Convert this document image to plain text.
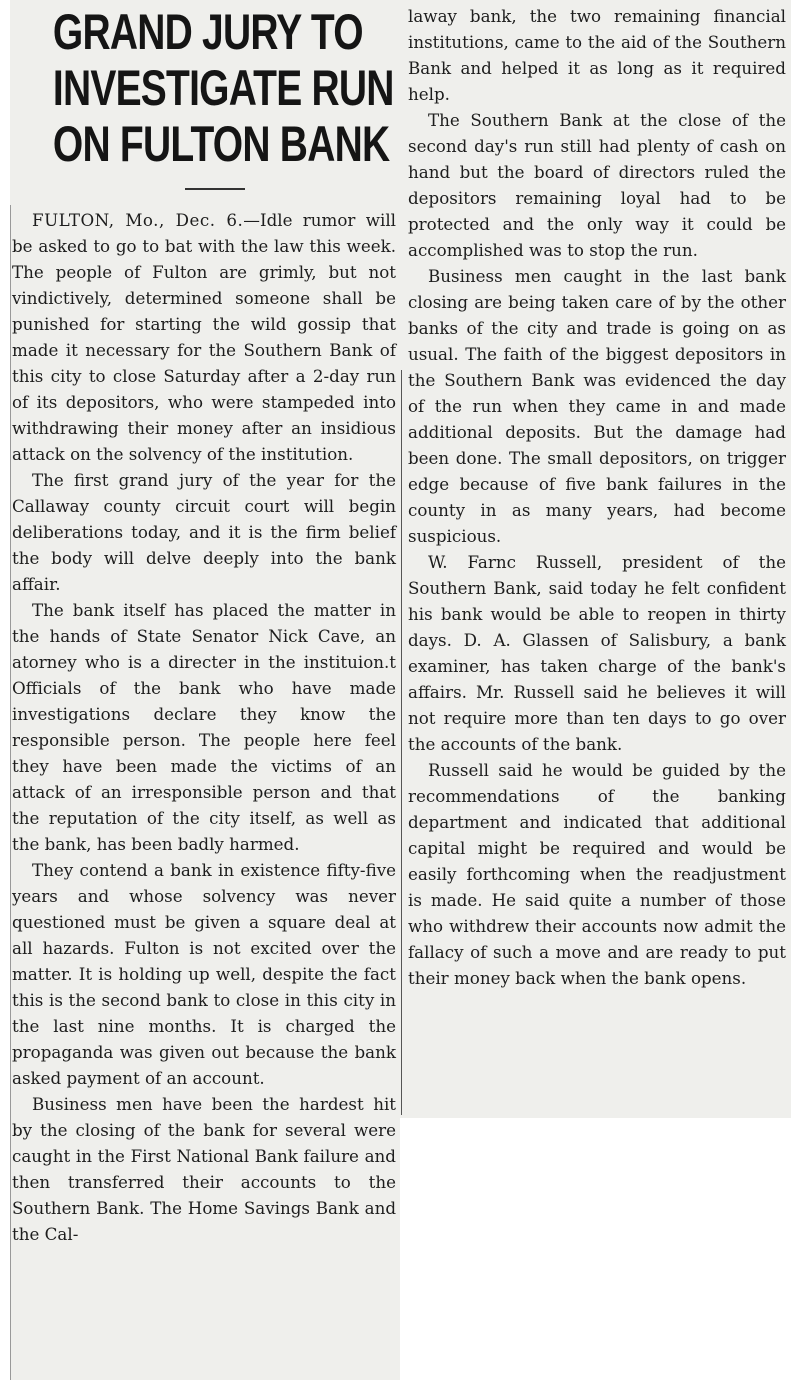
GRAND JURY TO
INVESTIGATE RUN
ON FULTON BANK

FULTON, Mo., Dec. 6.—Idle rumor will be asked to go to bat with the law this week. The people of Fulton are grimly, but not vindictively, determined someone shall be punished for starting the wild gossip that made it necessary for the Southern Bank of this city to close Saturday after a 2-day run of its depositors, who were stampeded into withdrawing their money after an insidious attack on the solvency of the institution.

The first grand jury of the year for the Callaway county circuit court will begin deliberations today, and it is the firm belief the body will delve deeply into the bank affair.

The bank itself has placed the matter in the hands of State Senator Nick Cave, an atorney who is a directer in the instituion.t Officials of the bank who have made investigations declare they know the responsible person. The people here feel they have been made the victims of an attack of an irresponsible person and that the reputation of the city itself, as well as the bank, has been badly harmed.

They contend a bank in existence fifty-five years and whose solvency was never questioned must be given a square deal at all hazards. Fulton is not excited over the matter. It is holding up well, despite the fact this is the second bank to close in this city in the last nine months. It is charged the propaganda was given out because the bank asked payment of an account.

Business men have been the hardest hit by the closing of the bank for several were caught in the First National Bank failure and then transferred their accounts to the Southern Bank. The Home Savings Bank and the Cal-

laway bank, the two remaining financial institutions, came to the aid of the Southern Bank and helped it as long as it required help.

The Southern Bank at the close of the second day's run still had plenty of cash on hand but the board of directors ruled the depositors remaining loyal had to be protected and the only way it could be accomplished was to stop the run.

Business men caught in the last bank closing are being taken care of by the other banks of the city and trade is going on as usual. The faith of the biggest depositors in the Southern Bank was evidenced the day of the run when they came in and made additional deposits. But the damage had been done. The small depositors, on trigger edge because of five bank failures in the county in as many years, had become suspicious.

W. Farnc Russell, president of the Southern Bank, said today he felt confident his bank would be able to reopen in thirty days. D. A. Glassen of Salisbury, a bank examiner, has taken charge of the bank's affairs. Mr. Russell said he believes it will not require more than ten days to go over the accounts of the bank.

Russell said he would be guided by the recommendations of the banking department and indicated that additional capital might be required and would be easily forthcoming when the readjustment is made. He said quite a number of those who withdrew their accounts now admit the fallacy of such a move and are ready to put their money back when the bank opens.
